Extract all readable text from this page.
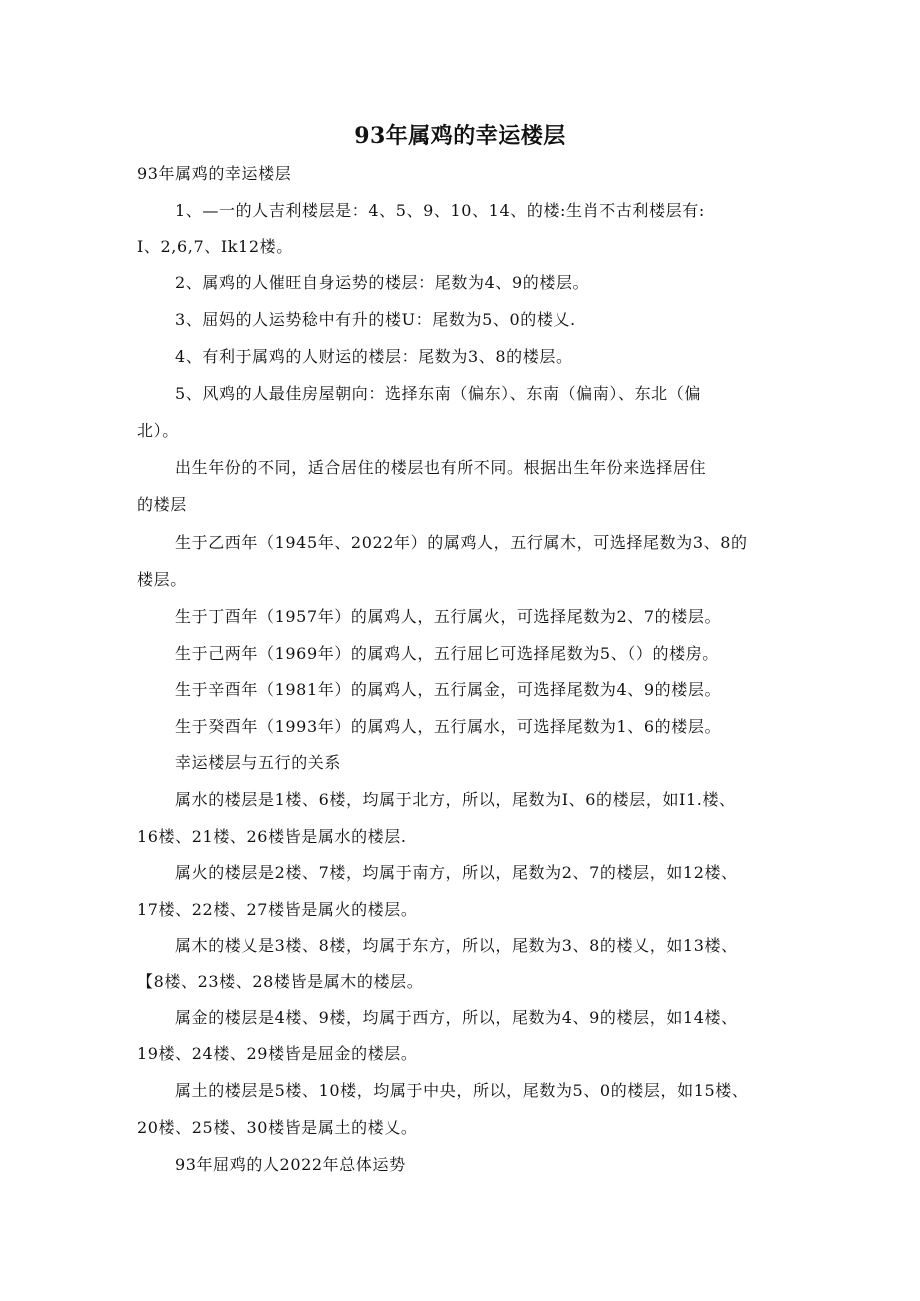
93年属鸡的幸运楼层
93年属鸡的幸运楼层
1、—一的人吉利楼层是：4、5、9、10、14、的楼:生肖不古利楼层有:
I、2,6,7、Ik12楼。
2、属鸡的人催旺自身运势的楼层：尾数为4、9的楼层。
3、屈妈的人运势稔中有升的楼U：尾数为5、0的楼乂.
4、有利于属鸡的人财运的楼层：尾数为3、8的楼层。
5、风鸡的人最佳房屋朝向：选择东南（偏东）、东南（偏南）、东北（偏
北）。
出生年份的不同，适合居住的楼层也有所不同。根据出生年份来选择居住
的楼层
生于乙西年（1945年、2022年）的属鸡人，五行属木，可选择尾数为3、8的
楼层。
生于丁酉年（1957年）的属鸡人，五行属火，可选择尾数为2、7的楼层。
生于己两年（1969年）的属鸡人，五行屈匕可选择尾数为5、（）的楼房。
生于辛酉年（1981年）的属鸡人，五行属金，可选择尾数为4、9的楼层。
生于癸酉年（1993年）的属鸡人，五行属水，可选择尾数为1、6的楼层。
幸运楼层与五行的关系
属水的楼层是1楼、6楼，均属于北方，所以，尾数为I、6的楼层，如I1.楼、
16楼、21楼、26楼皆是属水的楼层.
属火的楼层是2楼、7楼，均属于南方，所以，尾数为2、7的楼层，如12楼、
17楼、22楼、27楼皆是属火的楼层。
属木的楼乂是3楼、8楼，均属于东方，所以，尾数为3、8的楼乂，如13楼、
【8楼、23楼、28楼皆是属木的楼层。
属金的楼层是4楼、9楼，均属于西方，所以，尾数为4、9的楼层，如14楼、
19楼、24楼、29楼皆是屈金的楼层。
属土的楼层是5楼、10楼，均属于中央，所以，尾数为5、0的楼层，如15楼、
20楼、25楼、30楼皆是属土的楼乂。
93年屈鸡的人2022年总体运势
